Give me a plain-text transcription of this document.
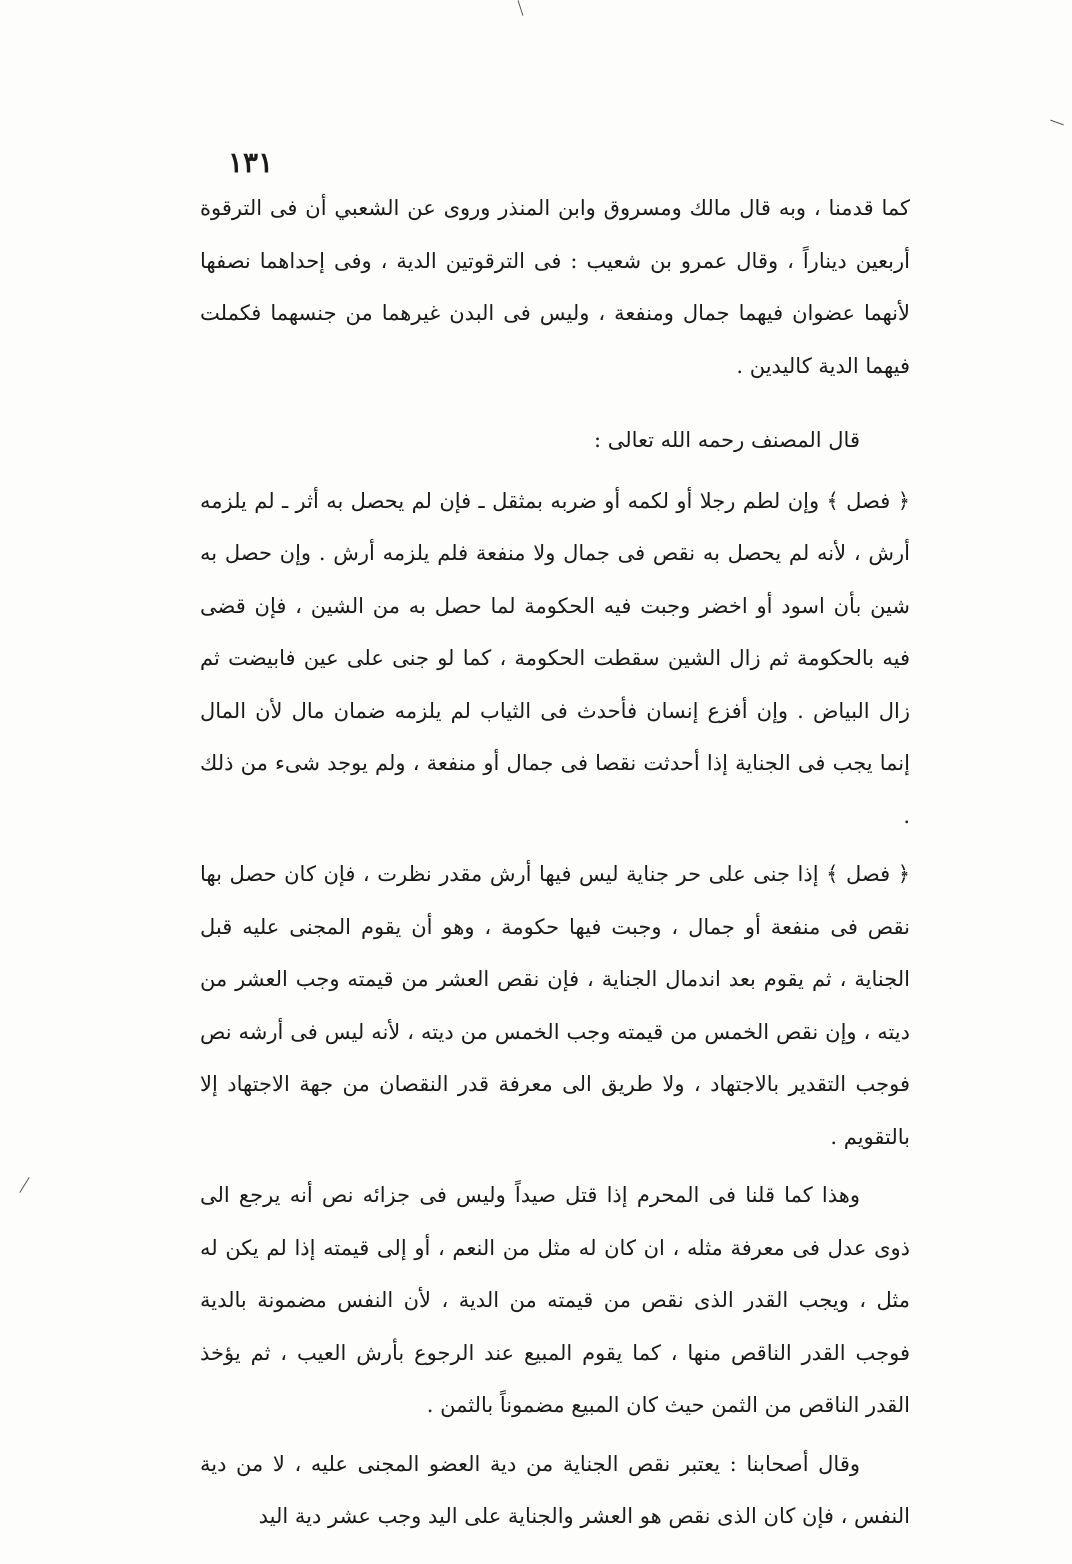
١٣١

كما قدمنا ، وبه قال مالك ومسروق وابن المنذر وروى عن الشعبي أن فى الترقوة أربعين ديناراً ، وقال عمرو بن شعيب : فى الترقوتين الدية ، وفى إحداهما نصفها لأنهما عضوان فيهما جمال ومنفعة ، وليس فى البدن غيرهما من جنسهما فكملت فيهما الدية كاليدين .

قال المصنف رحمه الله تعالى :

﴿ فصل ﴾ وإن لطم رجلا أو لكمه أو ضربه بمثقل ـ فإن لم يحصل به أثر ـ لم يلزمه أرش ، لأنه لم يحصل به نقص فى جمال ولا منفعة فلم يلزمه أرش . وإن حصل به شين بأن اسود أو اخضر وجبت فيه الحكومة لما حصل به من الشين ، فإن قضى فيه بالحكومة ثم زال الشين سقطت الحكومة ، كما لو جنى على عين فابيضت ثم زال البياض . وإن أفزع إنسان فأحدث فى الثياب لم يلزمه ضمان مال لأن المال إنما يجب فى الجناية إذا أحدثت نقصا فى جمال أو منفعة ، ولم يوجد شىء من ذلك .

﴿ فصل ﴾ إذا جنى على حر جناية ليس فيها أرش مقدر نظرت ، فإن كان حصل بها نقص فى منفعة أو جمال ، وجبت فيها حكومة ، وهو أن يقوم المجنى عليه قبل الجناية ، ثم يقوم بعد اندمال الجناية ، فإن نقص العشر من قيمته وجب العشر من ديته ، وإن نقص الخمس من قيمته وجب الخمس من ديته ، لأنه ليس فى أرشه نص فوجب التقدير بالاجتهاد ، ولا طريق الى معرفة قدر النقصان من جهة الاجتهاد إلا بالتقويم .

وهذا كما قلنا فى المحرم إذا قتل صيداً وليس فى جزائه نص أنه يرجع الى ذوى عدل فى معرفة مثله ، ان كان له مثل من النعم ، أو إلى قيمته إذا لم يكن له مثل ، ويجب القدر الذى نقص من قيمته من الدية ، لأن النفس مضمونة بالدية فوجب القدر الناقص منها ، كما يقوم المبيع عند الرجوع بأرش العيب ، ثم يؤخذ القدر الناقص من الثمن حيث كان المبيع مضموناً بالثمن .

وقال أصحابنا : يعتبر نقص الجناية من دية العضو المجنى عليه ، لا من دية النفس ، فإن كان الذى نقص هو العشر والجناية على اليد وجب عشر دية اليد
